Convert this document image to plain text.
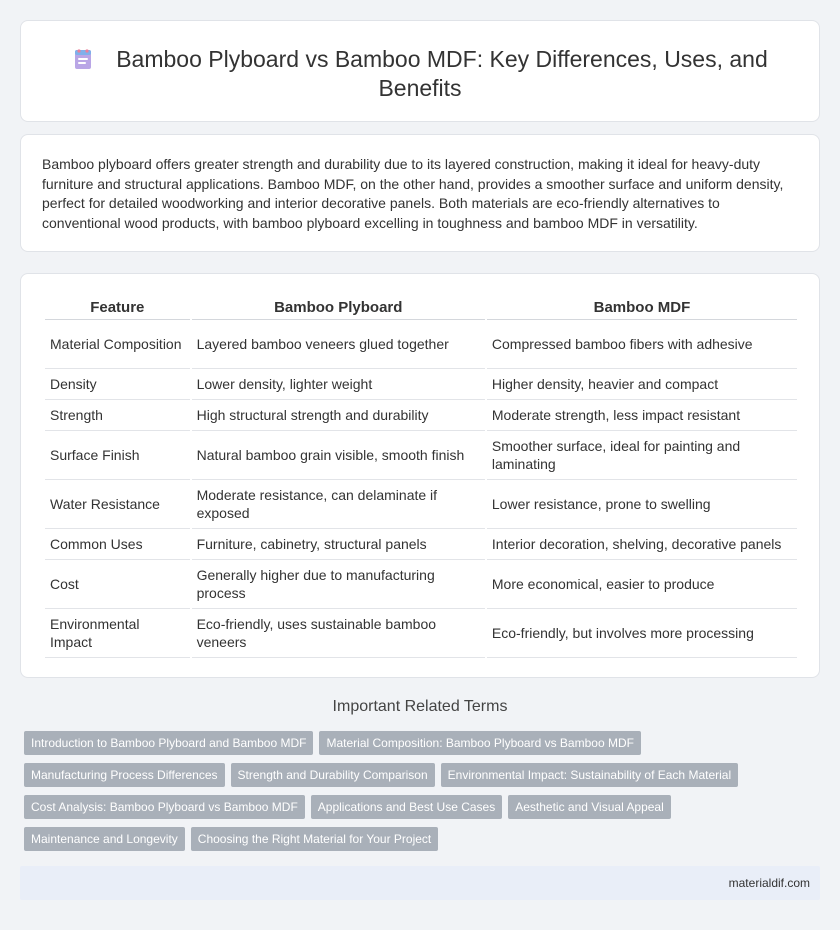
Bamboo Plyboard vs Bamboo MDF: Key Differences, Uses, and Benefits

Bamboo plyboard offers greater strength and durability due to its layered construction, making it ideal for heavy-duty furniture and structural applications. Bamboo MDF, on the other hand, provides a smoother surface and uniform density, perfect for detailed woodworking and interior decorative panels. Both materials are eco-friendly alternatives to conventional wood products, with bamboo plyboard excelling in toughness and bamboo MDF in versatility.

Feature	Bamboo Plyboard	Bamboo MDF
Material Composition	Layered bamboo veneers glued together	Compressed bamboo fibers with adhesive
Density	Lower density, lighter weight	Higher density, heavier and compact
Strength	High structural strength and durability	Moderate strength, less impact resistant
Surface Finish	Natural bamboo grain visible, smooth finish	Smoother surface, ideal for painting and laminating
Water Resistance	Moderate resistance, can delaminate if exposed	Lower resistance, prone to swelling
Common Uses	Furniture, cabinetry, structural panels	Interior decoration, shelving, decorative panels
Cost	Generally higher due to manufacturing process	More economical, easier to produce
Environmental Impact	Eco-friendly, uses sustainable bamboo veneers	Eco-friendly, but involves more processing
Important Related Terms
Introduction to Bamboo Plyboard and Bamboo MDF	Material Composition: Bamboo Plyboard vs Bamboo MDF
Manufacturing Process Differences	Strength and Durability Comparison	Environmental Impact: Sustainability of Each Material
Cost Analysis: Bamboo Plyboard vs Bamboo MDF	Applications and Best Use Cases	Aesthetic and Visual Appeal
Maintenance and Longevity	Choosing the Right Material for Your Project
materialdif.com
